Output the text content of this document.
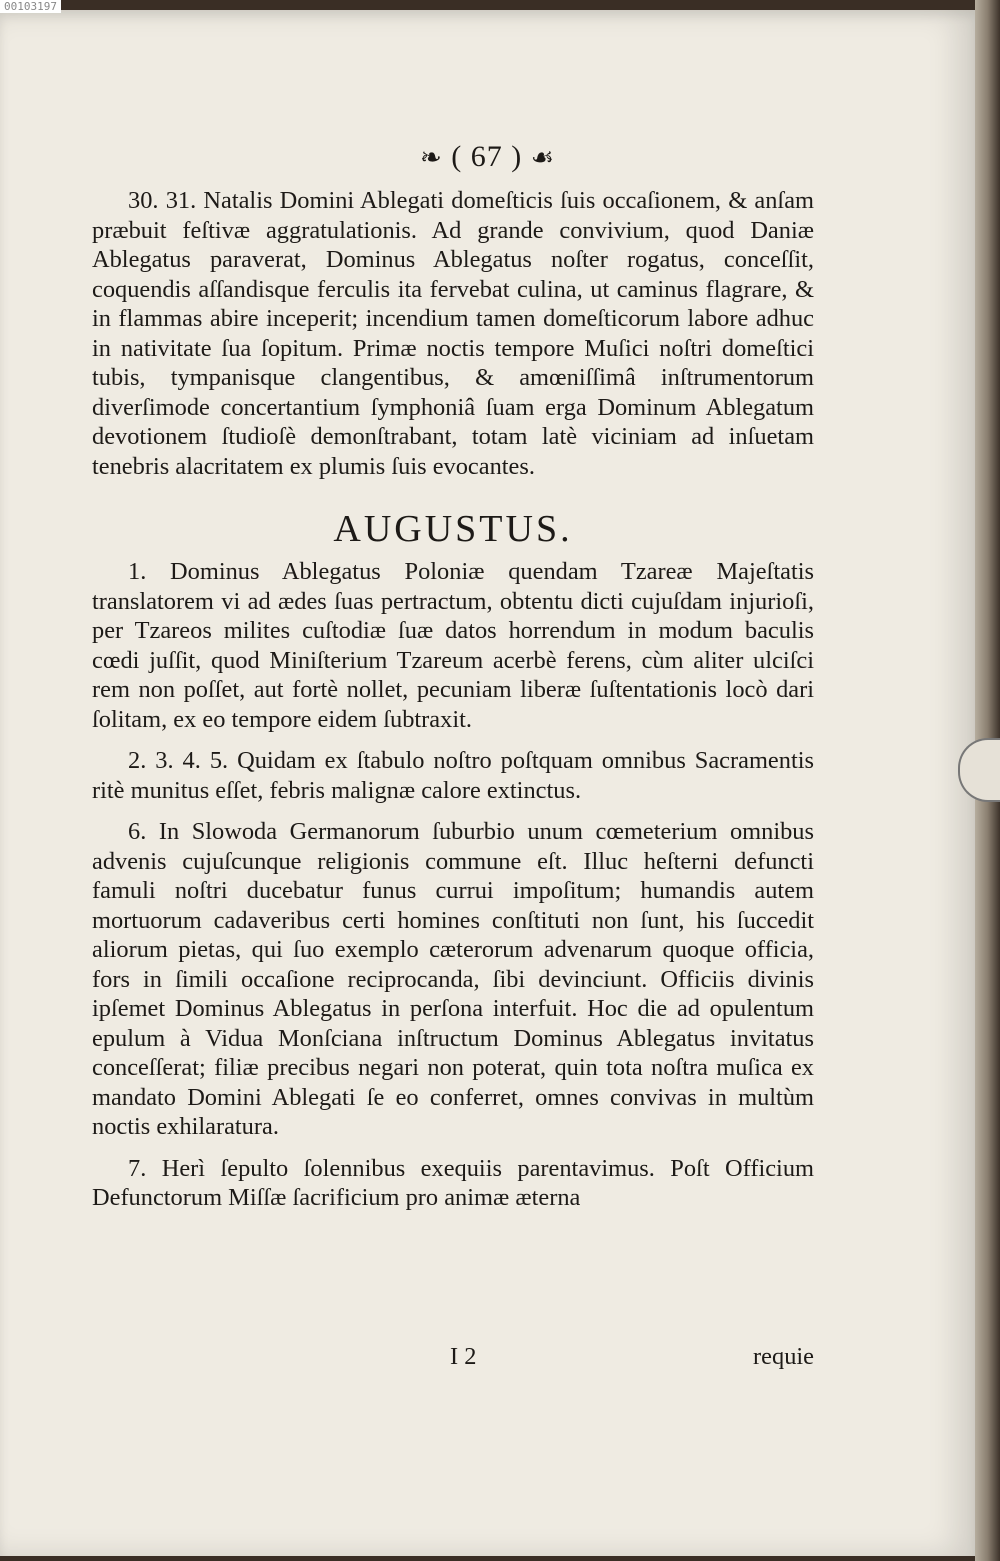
00103197
❧ ( 67 ) ☙

30. 31. Natalis Domini Ablegati domeſticis ſuis occaſionem, & anſam præbuit feſtivæ aggratulationis. Ad grande convivium, quod Daniæ Ablegatus paraverat, Dominus Ablegatus noſter rogatus, conceſſit, coquendis aſſandisque ferculis ita fervebat culina, ut caminus flagrare, & in flammas abire inceperit; incendium tamen domeſticorum labore adhuc in nativitate ſua ſopitum. Primæ noctis tempore Muſici noſtri domeſtici tubis, tympanisque clangentibus, & amœniſſimâ inſtrumentorum diverſimode concertantium ſymphoniâ ſuam erga Dominum Ablegatum devotionem ſtudioſè demonſtrabant, totam latè viciniam ad inſuetam tenebris alacritatem ex plumis ſuis evocantes.

AUGUSTUS.

1. Dominus Ablegatus Poloniæ quendam Tzareæ Majeſtatis translatorem vi ad ædes ſuas pertractum, obtentu dicti cujuſdam injurioſi, per Tzareos milites cuſtodiæ ſuæ datos horrendum in modum baculis cœdi juſſit, quod Miniſterium Tzareum acerbè ferens, cùm aliter ulciſci rem non poſſet, aut fortè nollet, pecuniam liberæ ſuſtentationis locò dari ſolitam, ex eo tempore eidem ſubtraxit.

2. 3. 4. 5. Quidam ex ſtabulo noſtro poſtquam omnibus Sacramentis ritè munitus eſſet, febris malignæ calore extinctus.

6. In Slowoda Germanorum ſuburbio unum cœmeterium omnibus advenis cujuſcunque religionis commune eſt. Illuc heſterni defuncti famuli noſtri ducebatur funus currui impoſitum; humandis autem mortuorum cadaveribus certi homines conſtituti non ſunt, his ſuccedit aliorum pietas, qui ſuo exemplo cæterorum advenarum quoque officia, fors in ſimili occaſione reciprocanda, ſibi devinciunt. Officiis divinis ipſemet Dominus Ablegatus in perſona interfuit. Hoc die ad opulentum epulum à Vidua Monſciana inſtructum Dominus Ablegatus invitatus conceſſerat; filiæ precibus negari non poterat, quin tota noſtra muſica ex mandato Domini Ablegati ſe eo conferret, omnes convivas in multùm noctis exhilaratura.

7. Herì ſepulto ſolennibus exequiis parentavimus. Poſt Officium Defunctorum Miſſæ ſacrificium pro animæ æterna

I 2	requie
